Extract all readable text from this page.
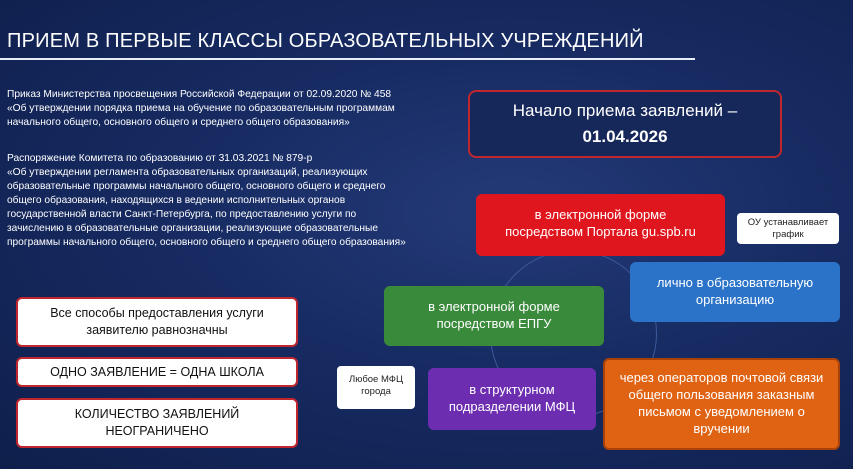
ПРИЕМ В ПЕРВЫЕ КЛАССЫ ОБРАЗОВАТЕЛЬНЫХ УЧРЕЖДЕНИЙ
Приказ Министерства просвещения Российской Федерации от 02.09.2020 № 458
«Об утверждении порядка приема на обучение по образовательным программам
начального общего, основного общего и среднего общего образования»
Распоряжение Комитета по образованию от 31.03.2021 № 879-р
«Об утверждении регламента образовательных организаций, реализующих
образовательные программы начального общего, основного общего и среднего
общего образования, находящихся в ведении исполнительных органов
государственной власти Санкт-Петербурга, по предоставлению услуги по
зачислению в образовательные организации, реализующие образовательные
программы начального общего, основного общего и среднего общего образования»
Начало приема заявлений –
01.04.2026
Все способы предоставления услуги
заявителю равнозначны
ОДНО ЗАЯВЛЕНИЕ = ОДНА ШКОЛА
КОЛИЧЕСТВО ЗАЯВЛЕНИЙ
НЕОГРАНИЧЕНО
в электронной форме
посредством Портала gu.spb.ru
лично в образовательную
организацию
в электронной форме
посредством ЕПГУ
в структурном
подразделении МФЦ
через операторов почтовой связи
общего пользования заказным
письмом с уведомлением о
вручении
ОУ устанавливает
график
Любое МФЦ
города
